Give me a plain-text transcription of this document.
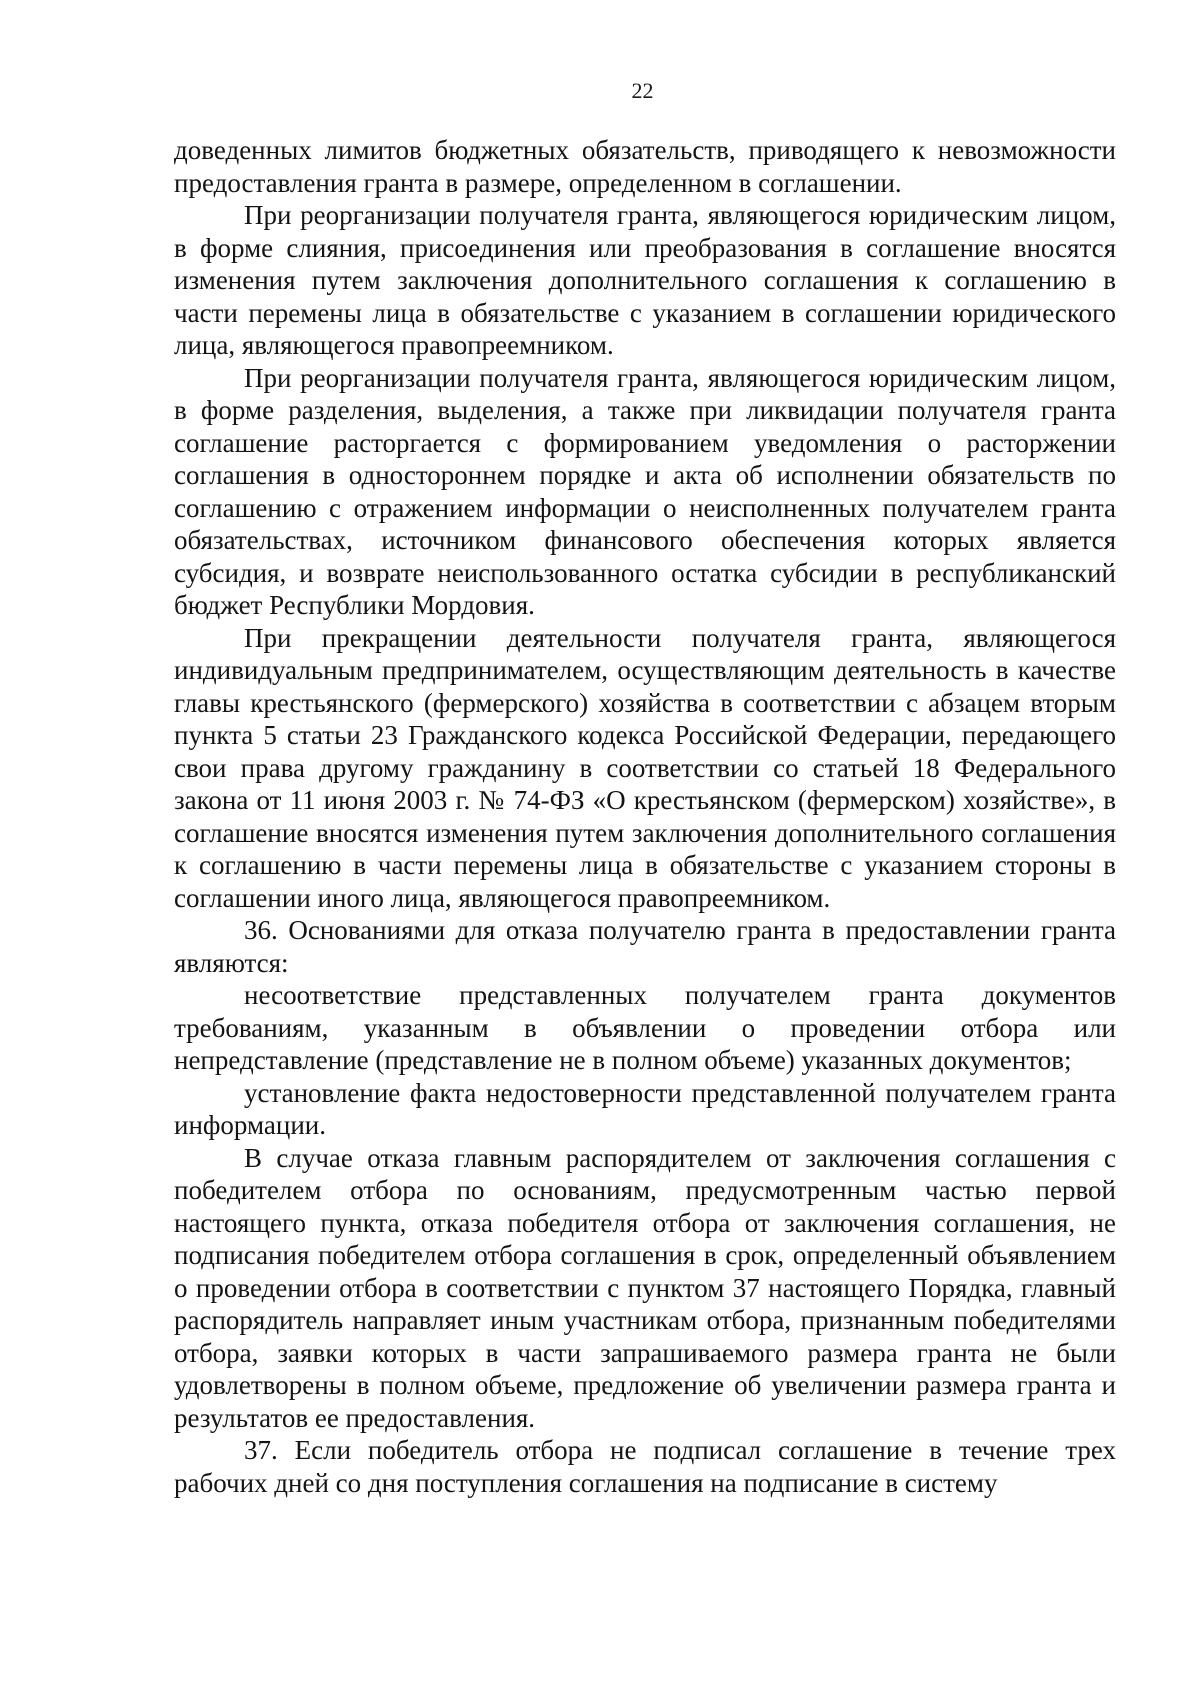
22

доведенных лимитов бюджетных обязательств, приводящего к невозможности предоставления гранта в размере, определенном в соглашении.

При реорганизации получателя гранта, являющегося юридическим лицом, в форме слияния, присоединения или преобразования в соглашение вносятся изменения путем заключения дополнительного соглашения к соглашению в части перемены лица в обязательстве с указанием в соглашении юридического лица, являющегося правопреемником.

При реорганизации получателя гранта, являющегося юридическим лицом, в форме разделения, выделения, а также при ликвидации получателя гранта соглашение расторгается с формированием уведомления о расторжении соглашения в одностороннем порядке и акта об исполнении обязательств по соглашению с отражением информации о неисполненных получателем гранта обязательствах, источником финансового обеспечения которых является субсидия, и возврате неиспользованного остатка субсидии в республиканский бюджет Республики Мордовия.

При прекращении деятельности получателя гранта, являющегося индивидуальным предпринимателем, осуществляющим деятельность в качестве главы крестьянского (фермерского) хозяйства в соответствии с абзацем вторым пункта 5 статьи 23 Гражданского кодекса Российской Федерации, передающего свои права другому гражданину в соответствии со статьей 18 Федерального закона от 11 июня 2003 г. № 74-ФЗ «О крестьянском (фермерском) хозяйстве», в соглашение вносятся изменения путем заключения дополнительного соглашения к соглашению в части перемены лица в обязательстве с указанием стороны в соглашении иного лица, являющегося правопреемником.

36. Основаниями для отказа получателю гранта в предоставлении гранта являются:

несоответствие представленных получателем гранта документов требованиям, указанным в объявлении о проведении отбора или непредставление (представление не в полном объеме) указанных документов;

установление факта недостоверности представленной получателем гранта информации.

В случае отказа главным распорядителем от заключения соглашения с победителем отбора по основаниям, предусмотренным частью первой настоящего пункта, отказа победителя отбора от заключения соглашения, не подписания победителем отбора соглашения в срок, определенный объявлением о проведении отбора в соответствии с пунктом 37 настоящего Порядка, главный распорядитель направляет иным участникам отбора, признанным победителями отбора, заявки которых в части запрашиваемого размера гранта не были удовлетворены в полном объеме, предложение об увеличении размера гранта и результатов ее предоставления.

37. Если победитель отбора не подписал соглашение в течение трех рабочих дней со дня поступления соглашения на подписание в систему
